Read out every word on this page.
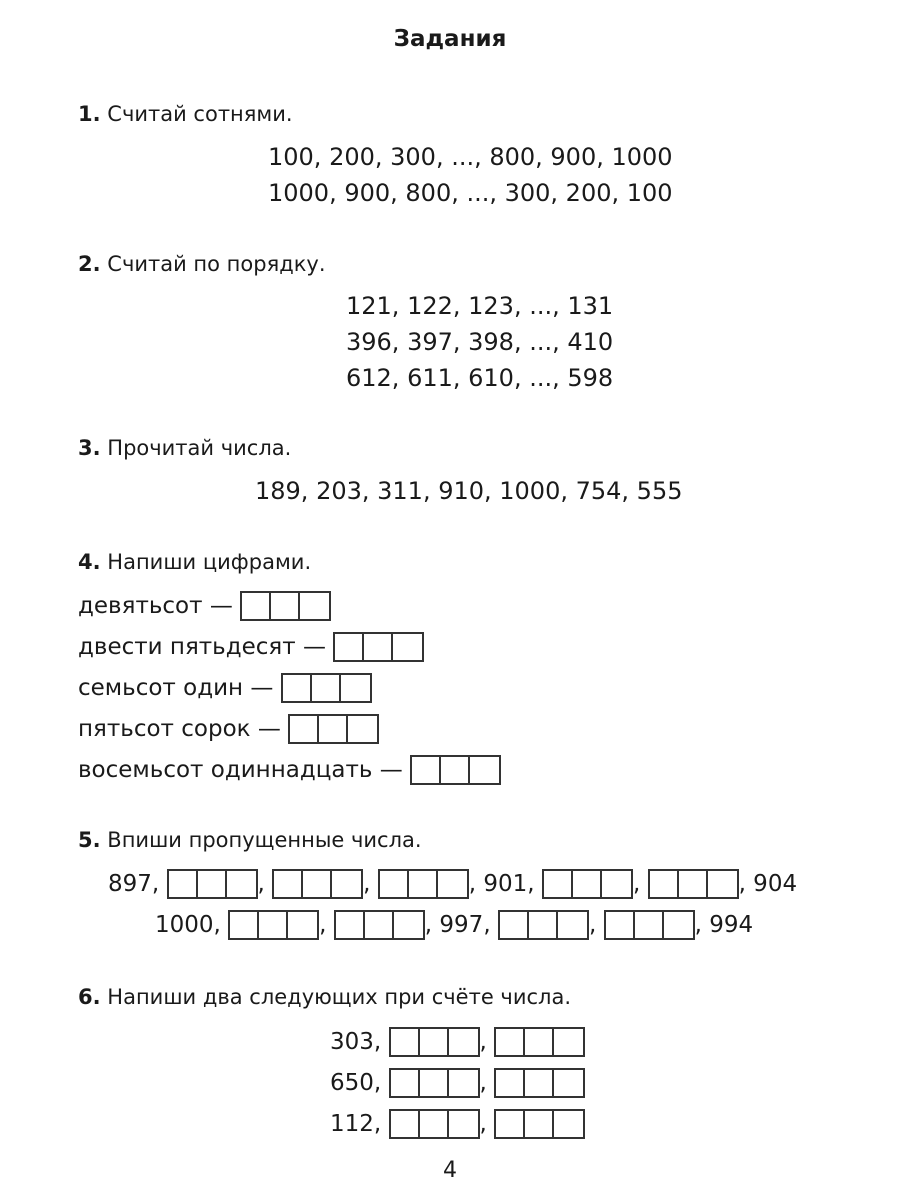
Задания
1. Считай сотнями.
100, 200, 300, ..., 800, 900, 1000
1000, 900, 800, ..., 300, 200, 100
2. Считай по порядку.
121, 122, 123, ..., 131
396, 397, 398, ..., 410
612, 611, 610, ..., 598
3. Прочитай числа.
189, 203, 311, 910, 1000, 754, 555
4. Напиши цифрами.
девятьсот —

двести пятьдесят —

семьсот один —

пятьсот сорок —

восемьсот одиннадцать —

5. Впиши пропущенные числа.
897,
	,
	,
	, 901,
	,
	, 904
1000,
	,
	, 997,
	,
	, 994
6. Напиши два следующих при счёте числа.
303,
	,

650,
	,

112,
	,

4
